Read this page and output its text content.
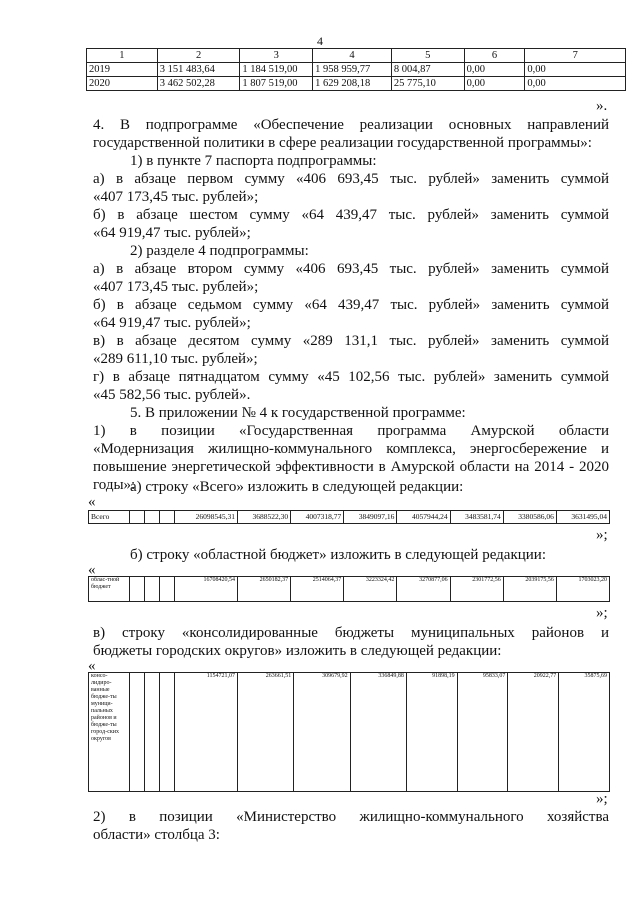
4
1	2	3	4	5	6	7
2019	3 151 483,64	1 184 519,00	1 958 959,77	8 004,87	0,00	0,00
2020	3 462 502,28	1 807 519,00	1 629 208,18	25 775,10	0,00	0,00
».
4. В подпрограмме «Обеспечение реализации основных направлений
государственной политики в сфере реализации государственной программы»:
1) в пункте 7 паспорта подпрограммы:
а) в абзаце первом сумму «406 693,45 тыс. рублей» заменить суммой
«407 173,45 тыс. рублей»;
б) в абзаце шестом сумму «64 439,47 тыс. рублей» заменить суммой
«64 919,47 тыс. рублей»;
2) разделе 4 подпрограммы:
а) в абзаце втором сумму «406 693,45 тыс. рублей» заменить суммой
«407 173,45 тыс. рублей»;
б) в абзаце седьмом сумму «64 439,47 тыс. рублей» заменить суммой
«64 919,47 тыс. рублей»;
в) в абзаце десятом сумму «289 131,1 тыс. рублей» заменить суммой
«289 611,10 тыс. рублей»;
г) в абзаце пятнадцатом сумму «45 102,56 тыс. рублей» заменить суммой
«45 582,56 тыс. рублей».
5. В приложении № 4 к государственной программе:
1) в позиции «Государственная программа Амурской области
«Модернизация жилищно-коммунального комплекса, энергосбережение и
повышение энергетической эффективности в Амурской области на 2014 - 2020
годы»:
а) строку «Всего» изложить в следующей редакции:
«
Всего				26098545,31	3688522,30	4007318,77	3849097,16	4057944,24	3483581,74	3380586,06	3631495,04
»;
б) строку «областной бюджет» изложить в следующей редакции:
«
облас-тной бюджет				16708420,54	2650182,37	2514064,37	3223324,42	3270877,06	2301772,56	2039175,56	1703023,20
»;
в) строку «консолидированные бюджеты муниципальных районов и
бюджеты городских округов» изложить в следующей редакции:
«
консо-лидиро-ванные бюдже-ты муници-пальных районов и бюдже-ты город-ских округов				1154721,07	263661,51	309679,92	336849,88	91898,19	95833,07	20922,77	35875,69
»;
2) в позиции «Министерство жилищно-коммунального хозяйства
области» столбца 3:
